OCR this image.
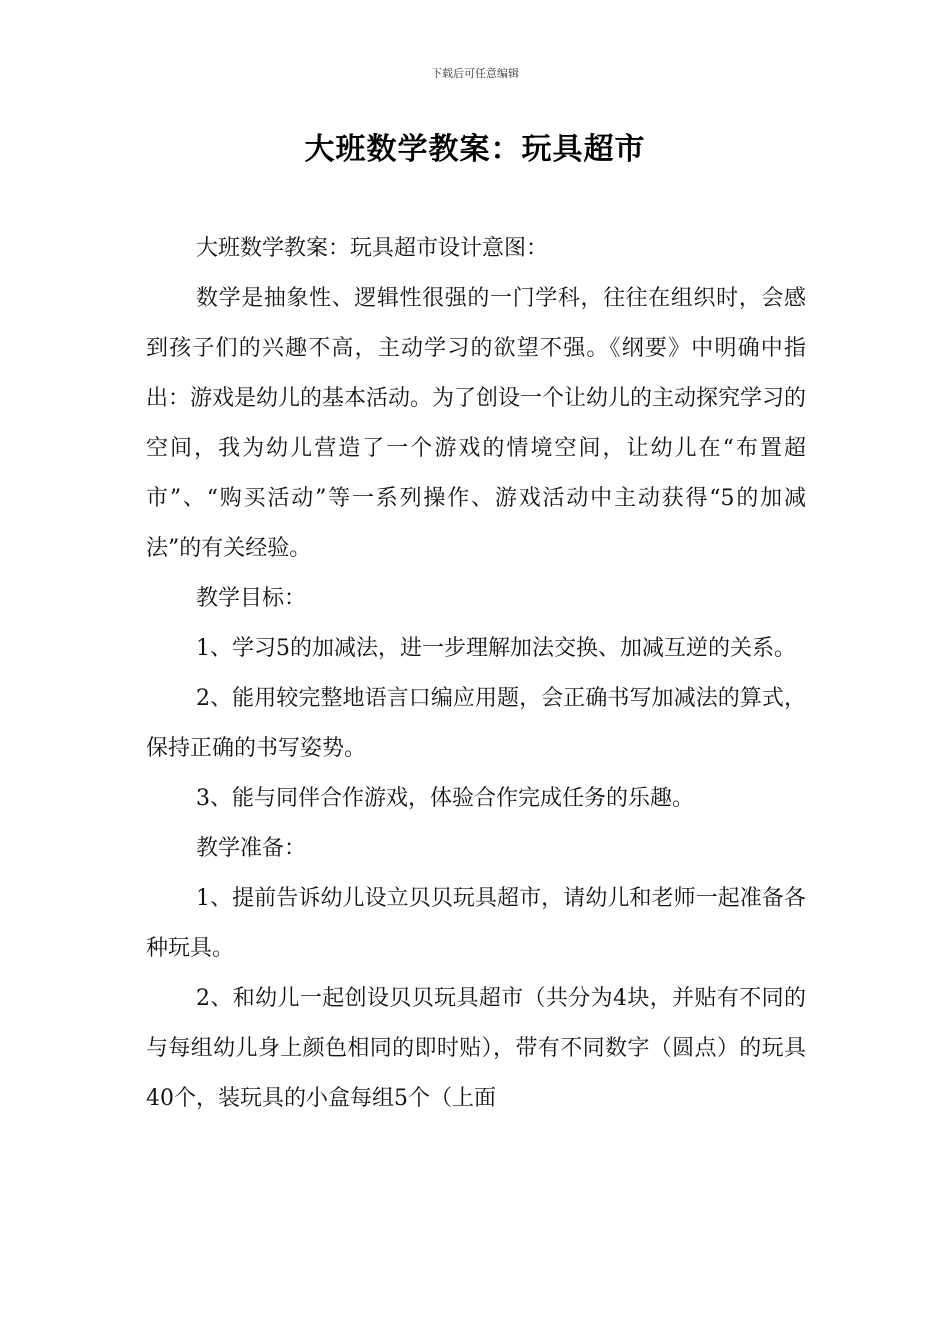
下载后可任意编辑
大班数学教案：玩具超市

大班数学教案：玩具超市设计意图：

数学是抽象性、逻辑性很强的一门学科，往往在组织时，会感到孩子们的兴趣不高，主动学习的欲望不强。《纲要》中明确中指出：游戏是幼儿的基本活动。为了创设一个让幼儿的主动探究学习的空间，我为幼儿营造了一个游戏的情境空间，让幼儿在“布置超市”、“购买活动”等一系列操作、游戏活动中主动获得“5的加减法”的有关经验。

教学目标：

1、学习5的加减法，进一步理解加法交换、加减互逆的关系。

2、能用较完整地语言口编应用题，会正确书写加减法的算式，保持正确的书写姿势。

3、能与同伴合作游戏，体验合作完成任务的乐趣。

教学准备：

1、提前告诉幼儿设立贝贝玩具超市，请幼儿和老师一起准备各种玩具。

2、和幼儿一起创设贝贝玩具超市（共分为4块，并贴有不同的与每组幼儿身上颜色相同的即时贴），带有不同数字（圆点）的玩具40个，装玩具的小盒每组5个（上面
